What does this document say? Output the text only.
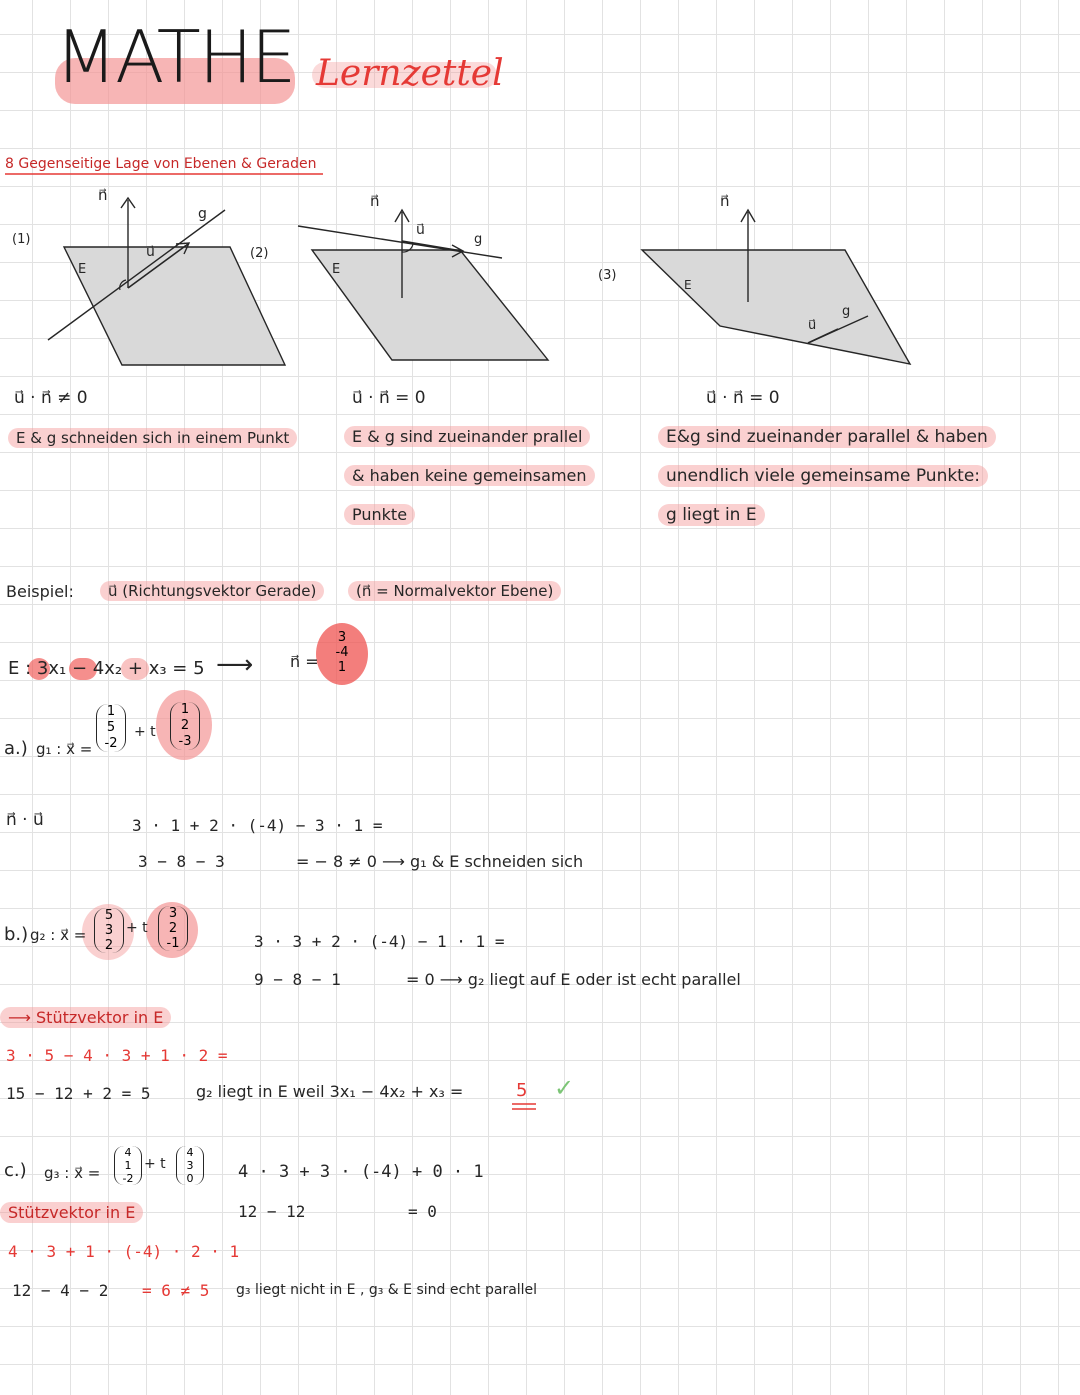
MATHE Lernzettel
8 Gegenseitige Lage von Ebenen & Geraden
(1)
n⃗
u⃗
g
E
(2)
n⃗
u⃗
g
E	(3)
n⃗
u⃗
g
E
u⃗ · n⃗ ≠ 0
E & g schneiden sich in einem Punkt
u⃗ · n⃗ = 0
E & g sind zueinander prallel
& haben keine gemeinsamen
Punkte
u⃗ · n⃗ = 0
E&g sind zueinander parallel & haben
unendlich viele gemeinsame Punkte:
g liegt in E
Beispiel:	u⃗ (Richtungsvektor Gerade)	(n⃗ = Normalvektor Ebene)
E : 3x₁ − 4x₂ + x₃ = 5 ⟶ n⃗ =
3
-4
1
a.) g₁ : x⃗ =
1
5
-2
+ t
1
2
-3
n⃗ · u⃗	3 · 1 + 2 · (-4) − 3 · 1 =
3 − 8 − 3	= − 8 ≠ 0 ⟶ g₁ & E schneiden sich
b.) g₂ : x⃗ =
5
3
2
+ t
3
2
-1	3 · 3 + 2 · (-4) − 1 · 1 =
9 − 8 − 1	= 0 ⟶ g₂ liegt auf E oder ist echt parallel
⟶ Stützvektor in E
3 · 5 − 4 · 3 + 1 · 2 =
15 − 12 + 2 = 5	g₂ liegt in E weil 3x₁ − 4x₂ + x₃ =	5 ✓
c.) g₃ : x⃗ =
4
1
-2
+ t
4
3
0	4 · 3 + 3 · (-4) + 0 · 1
12 − 12	= 0
Stützvektor in E
4 · 3 + 1 · (-4) · 2 · 1
12 − 4 − 2 = 6 ≠ 5 g₃ liegt nicht in E , g₃ & E sind echt parallel
